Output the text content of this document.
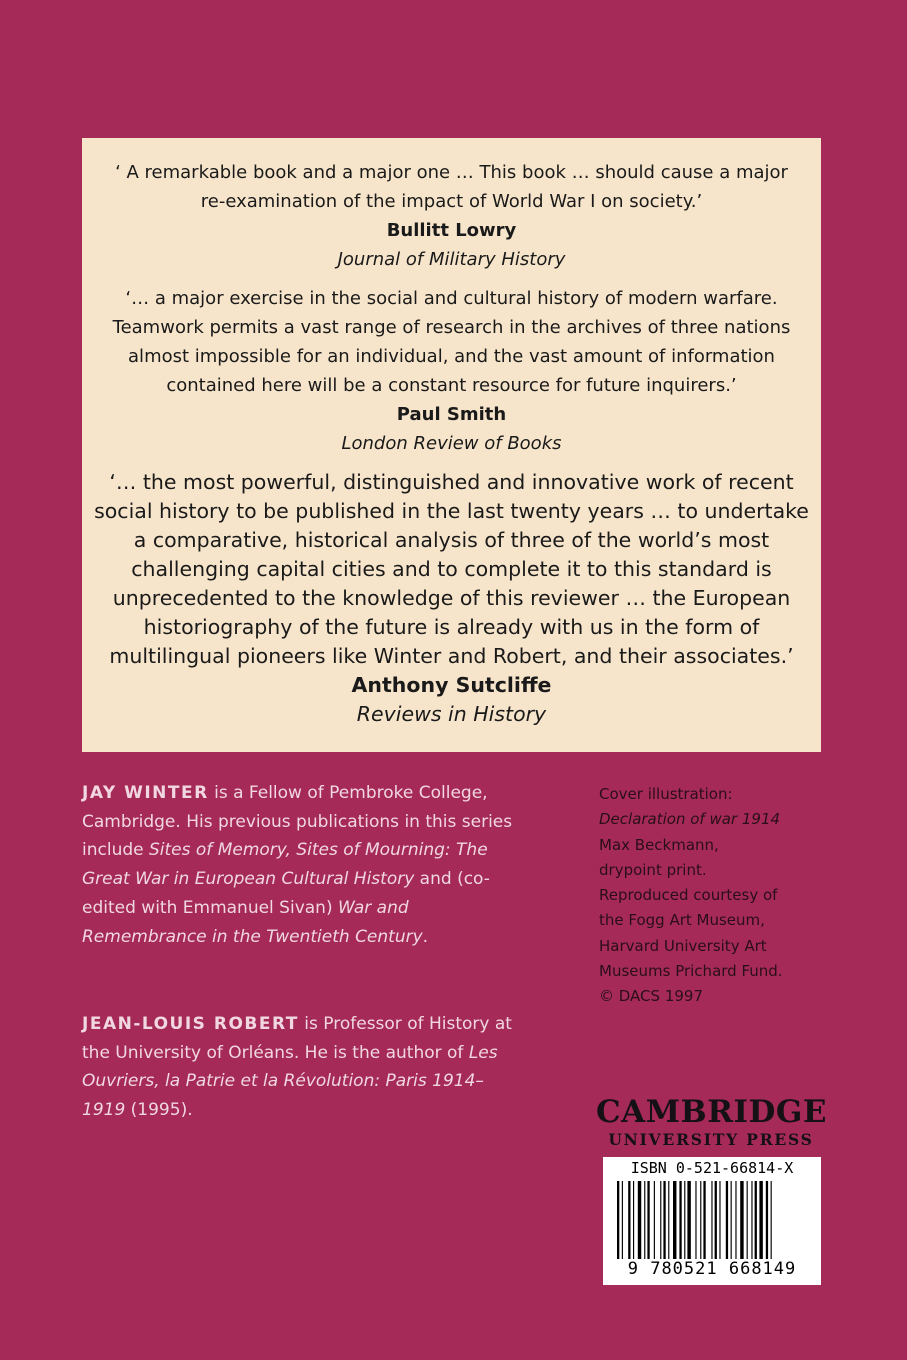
‘ A remarkable book and a major one … This book … should cause a major re-examination of the impact of World War I on society.’
Bullitt Lowry
Journal of Military History
‘… a major exercise in the social and cultural history of modern warfare. Teamwork permits a vast range of research in the archives of three nations almost impossible for an individual, and the vast amount of information contained here will be a constant resource for future inquirers.’
Paul Smith
London Review of Books
‘… the most powerful, distinguished and innovative work of recent social history to be published in the last twenty years … to undertake a comparative, historical analysis of three of the world’s most challenging capital cities and to complete it to this standard is unprecedented to the knowledge of this reviewer … the European historiography of the future is already with us in the form of multilingual pioneers like Winter and Robert, and their associates.’
Anthony Sutcliffe
Reviews in History
JAY WINTER is a Fellow of Pembroke College, Cambridge. His previous publications in this series include Sites of Memory, Sites of Mourning: The Great War in European Cultural History and (co-edited with Emmanuel Sivan) War and Remembrance in the Twentieth Century.
JEAN-LOUIS ROBERT is Professor of History at the University of Orléans. He is the author of Les Ouvriers, la Patrie et la Révolution: Paris 1914–1919 (1995).
Cover illustration:
Declaration of war 1914
Max Beckmann,
drypoint print.
Reproduced courtesy of
the Fogg Art Museum,
Harvard University Art
Museums Prichard Fund.
© DACS 1997
CAMBRIDGE
UNIVERSITY PRESS
ISBN 0-521-66814-X
9 780521 668149
